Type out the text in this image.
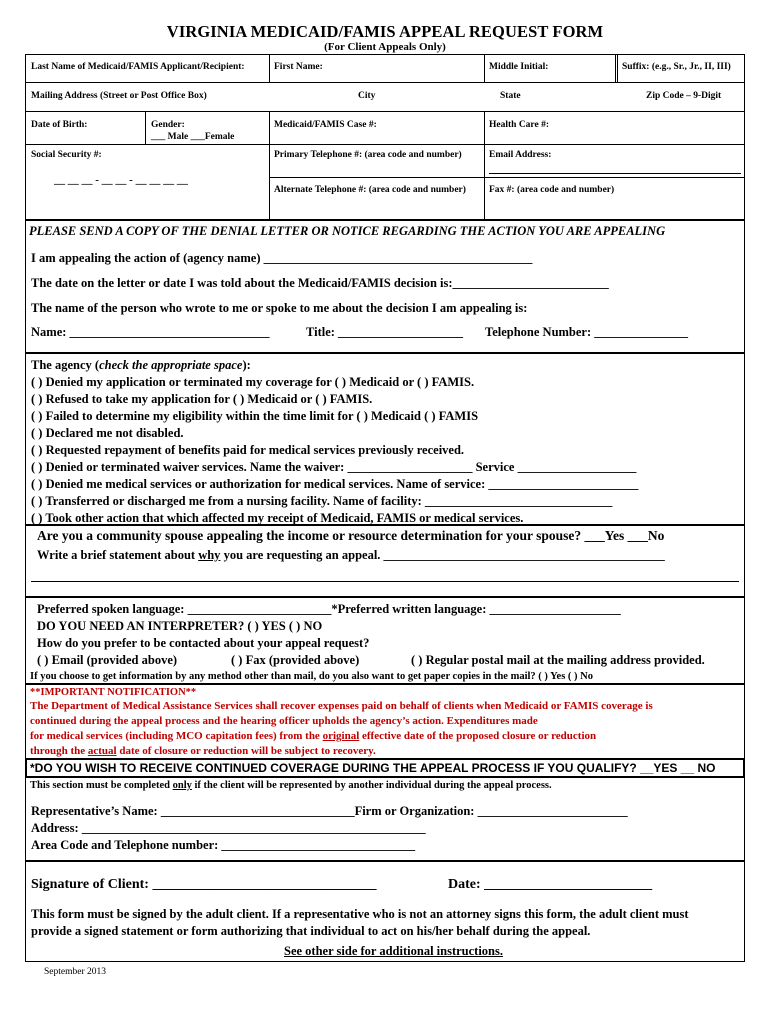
VIRGINIA MEDICAID/FAMIS APPEAL REQUEST FORM
(For Client Appeals Only)
Last Name of Medicaid/FAMIS Applicant/Recipient:	First Name:	Middle Initial:	Suffix: (e.g., Sr., Jr., II, III)
Mailing Address (Street or Post Office Box)	City	State	Zip Code – 9-Digit
Date of Birth:	Gender:
___ Male ___Female
Medicaid/FAMIS Case #:	Health Care #:
Social Security #:
__ __ __ - __ __ - __ __ __ __
Primary Telephone #: (area code and number)	Email Address:
Alternate Telephone #: (area code and number) Fax #: (area code and number)
PLEASE SEND A COPY OF THE DENIAL LETTER OR NOTICE REGARDING THE ACTION YOU ARE APPEALING
I am appealing the action of (agency name) ___________________________________________
The date on the letter or date I was told about the Medicaid/FAMIS decision is:_________________________
The name of the person who wrote to me or spoke to me about the decision I am appealing is:
Name: ________________________________	Title: ____________________ Telephone Number: _______________
The agency (check the appropriate space):
( ) Denied my application or terminated my coverage for ( ) Medicaid or ( ) FAMIS.
( ) Refused to take my application for ( ) Medicaid or ( ) FAMIS.
( ) Failed to determine my eligibility within the time limit for ( ) Medicaid ( ) FAMIS
( ) Declared me not disabled.
( ) Requested repayment of benefits paid for medical services previously received.
( ) Denied or terminated waiver services. Name the waiver: ____________________ Service ___________________
( ) Denied me medical services or authorization for medical services. Name of service: ________________________
( ) Transferred or discharged me from a nursing facility. Name of facility: ______________________________
( ) Took other action that which affected my receipt of Medicaid, FAMIS or medical services.
Are you a community spouse appealing the income or resource determination for your spouse? ___Yes ___No
Write a brief statement about why you are requesting an appeal. _____________________________________________
Preferred spoken language: _______________________*Preferred written language: _____________________
DO YOU NEED AN INTERPRETER? ( ) YES ( ) NO
How do you prefer to be contacted about your appeal request?
( ) Email (provided above)	( ) Fax (provided above)	( ) Regular postal mail at the mailing address provided.
If you choose to get information by any method other than mail, do you also want to get paper copies in the mail? ( ) Yes ( ) No
**IMPORTANT NOTIFICATION**
The Department of Medical Assistance Services shall recover expenses paid on behalf of clients when Medicaid or FAMIS coverage is
continued during the appeal process and the hearing officer upholds the agency’s action. Expenditures made
for medical services (including MCO capitation fees) from the original effective date of the proposed closure or reduction
through the actual date of closure or reduction will be subject to recovery.
*DO YOU WISH TO RECEIVE CONTINUED COVERAGE DURING THE APPEAL PROCESS IF YOU QUALIFY? __YES __ NO
This section must be completed only if the client will be represented by another individual during the appeal process.
Representative’s Name: _______________________________Firm or Organization: ________________________
Address: _______________________________________________________
Area Code and Telephone number: _______________________________
Signature of Client: ________________________________	Date: ________________________
This form must be signed by the adult client. If a representative who is not an attorney signs this form, the adult client must
provide a signed statement or form authorizing that individual to act on his/her behalf during the appeal.
See other side for additional instructions.
September 2013
